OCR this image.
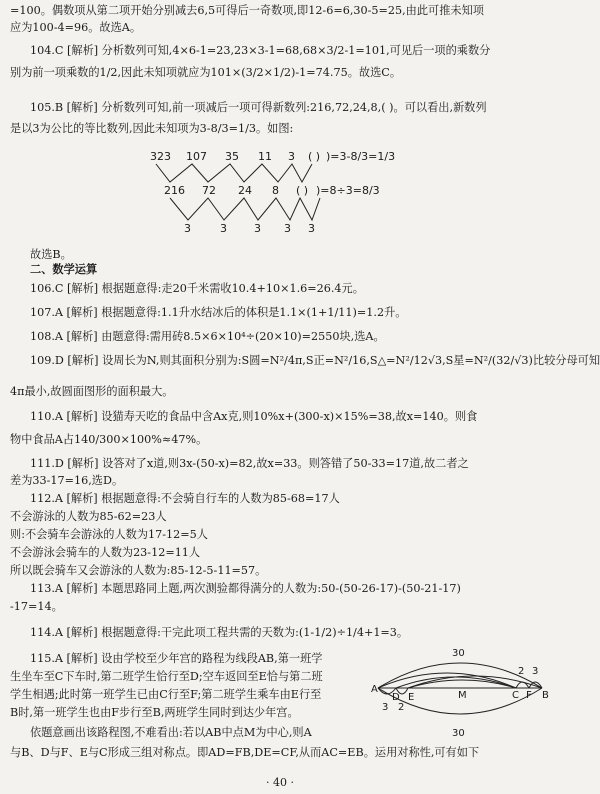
=100。偶数项从第二项开始分别减去6,5可得后一奇数项,即12-6=6,30-5=25,由此可推未知项
应为100-4=96。故选A。
104.C [解析] 分析数列可知,4×6-1=23,23×3-1=68,68×3/2-1=101,可见后一项的乘数分
别为前一项乘数的1/2,因此未知项就应为101×(3/2×1/2)-1=74.75。故选C。
105.B [解析] 分析数列可知,前一项减后一项可得新数列:216,72,24,8,( )。可以看出,新数列
是以3为公比的等比数列,因此未知项为3-8/3=1/3。如图:
323 107 35 11 3 ( ) )=3-8/3=1/3
216 72 24 8 ( ) )=8÷3=8/3
3	3 3 3 3
故选B。
二、数学运算
106.C [解析] 根据题意得:走20千米需收10.4+10×1.6=26.4元。
107.A [解析] 根据题意得:1.1升水结冰后的体积是1.1×(1+1/11)=1.2升。
108.A [解析] 由题意得:需用砖8.5×6×10⁴÷(20×10)=2550块,选A。
109.D [解析] 设周长为N,则其面积分别为:S圆=N²/4π,S正=N²/16,S△=N²/12√3,S星=N²/(32/√3)比较分母可知
4π最小,故圆面图形的面积最大。
110.A [解析] 设猫寿天吃的食品中含Ax克,则10%x+(300-x)×15%=38,故x=140。则食
物中食品A占140/300×100%≈47%。
111.D [解析] 设答对了x道,则3x-(50-x)=82,故x=33。则答错了50-33=17道,故二者之
差为33-17=16,选D。
112.A [解析] 根据题意得:不会骑自行车的人数为85-68=17人
不会游泳的人数为85-62=23人
则:不会骑车会游泳的人数为17-12=5人
不会游泳会骑车的人数为23-12=11人
所以既会骑车又会游泳的人数为:85-12-5-11=57。
113.A [解析] 本题思路同上题,两次测验都得满分的人数为:50-(50-26-17)-(50-21-17)
-17=14。
114.A [解析] 根据题意得:干完此项工程共需的天数为:(1-1/2)÷1/4+1=3。
115.A [解析] 设由学校至少年宫的路程为线段AB,第一班学
生坐车至C下车时,第二班学生恰行至D;空车返回至E恰与第二班
学生相遇;此时第一班学生已由C行至F;第二班学生乘车由E行至
B时,第一班学生也由F步行至B,两班学生同时到达少年宫。
依题意画出该路程图,不难看出:若以AB中点M为中心,则A
与B、D与F、E与C形成三组对称点。即AD=FB,DE=CF,从而AC=EB。运用对称性,可有如下
30
30
A
D E	M	C F B
3 2
2 3
· 40 ·
